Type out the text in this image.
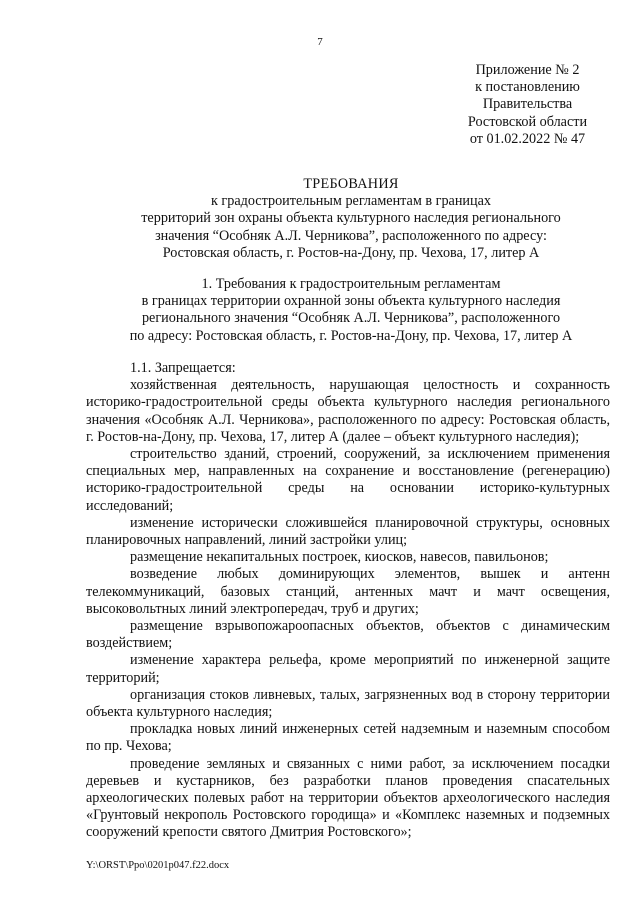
7
Приложение № 2
к постановлению
Правительства
Ростовской области
от 01.02.2022 № 47
ТРЕБОВАНИЯ
к градостроительным регламентам в границах
территорий зон охраны объекта культурного наследия регионального
значения “Особняк А.Л. Черникова”, расположенного по адресу:
Ростовская область, г. Ростов-на-Дону, пр. Чехова, 17, литер А
1. Требования к градостроительным регламентам
в границах территории охранной зоны объекта культурного наследия
регионального значения “Особняк А.Л. Черникова”, расположенного
по адресу: Ростовская область, г. Ростов-на-Дону, пр. Чехова, 17, литер А

1.1. Запрещается:

хозяйственная деятельность, нарушающая целостность и сохранность историко-градостроительной среды объекта культурного наследия регионального значения «Особняк А.Л. Черникова», расположенного по адресу: Ростовская область, г. Ростов-на-Дону, пр. Чехова, 17, литер А (далее – объект культурного наследия);

строительство зданий, строений, сооружений, за исключением применения специальных мер, направленных на сохранение и восстановление (регенерацию) историко-градостроительной среды на основании историко-культурных исследований;

изменение исторически сложившейся планировочной структуры, основных планировочных направлений, линий застройки улиц;

размещение некапитальных построек, киосков, навесов, павильонов;

возведение любых доминирующих элементов, вышек и антенн телекоммуникаций, базовых станций, антенных мачт и мачт освещения, высоковольтных линий электропередач, труб и других;

размещение взрывопожароопасных объектов, объектов с динамическим воздействием;

изменение характера рельефа, кроме мероприятий по инженерной защите территорий;

организация стоков ливневых, талых, загрязненных вод в сторону территории объекта культурного наследия;

прокладка новых линий инженерных сетей надземным и наземным способом по пр. Чехова;

проведение земляных и связанных с ними работ, за исключением посадки деревьев и кустарников, без разработки планов проведения спасательных археологических полевых работ на территории объектов археологического наследия «Грунтовый некрополь Ростовского городища» и «Комплекс наземных и подземных сооружений крепости святого Дмитрия Ростовского»;

Y:\ORST\Ppo\0201p047.f22.docx
